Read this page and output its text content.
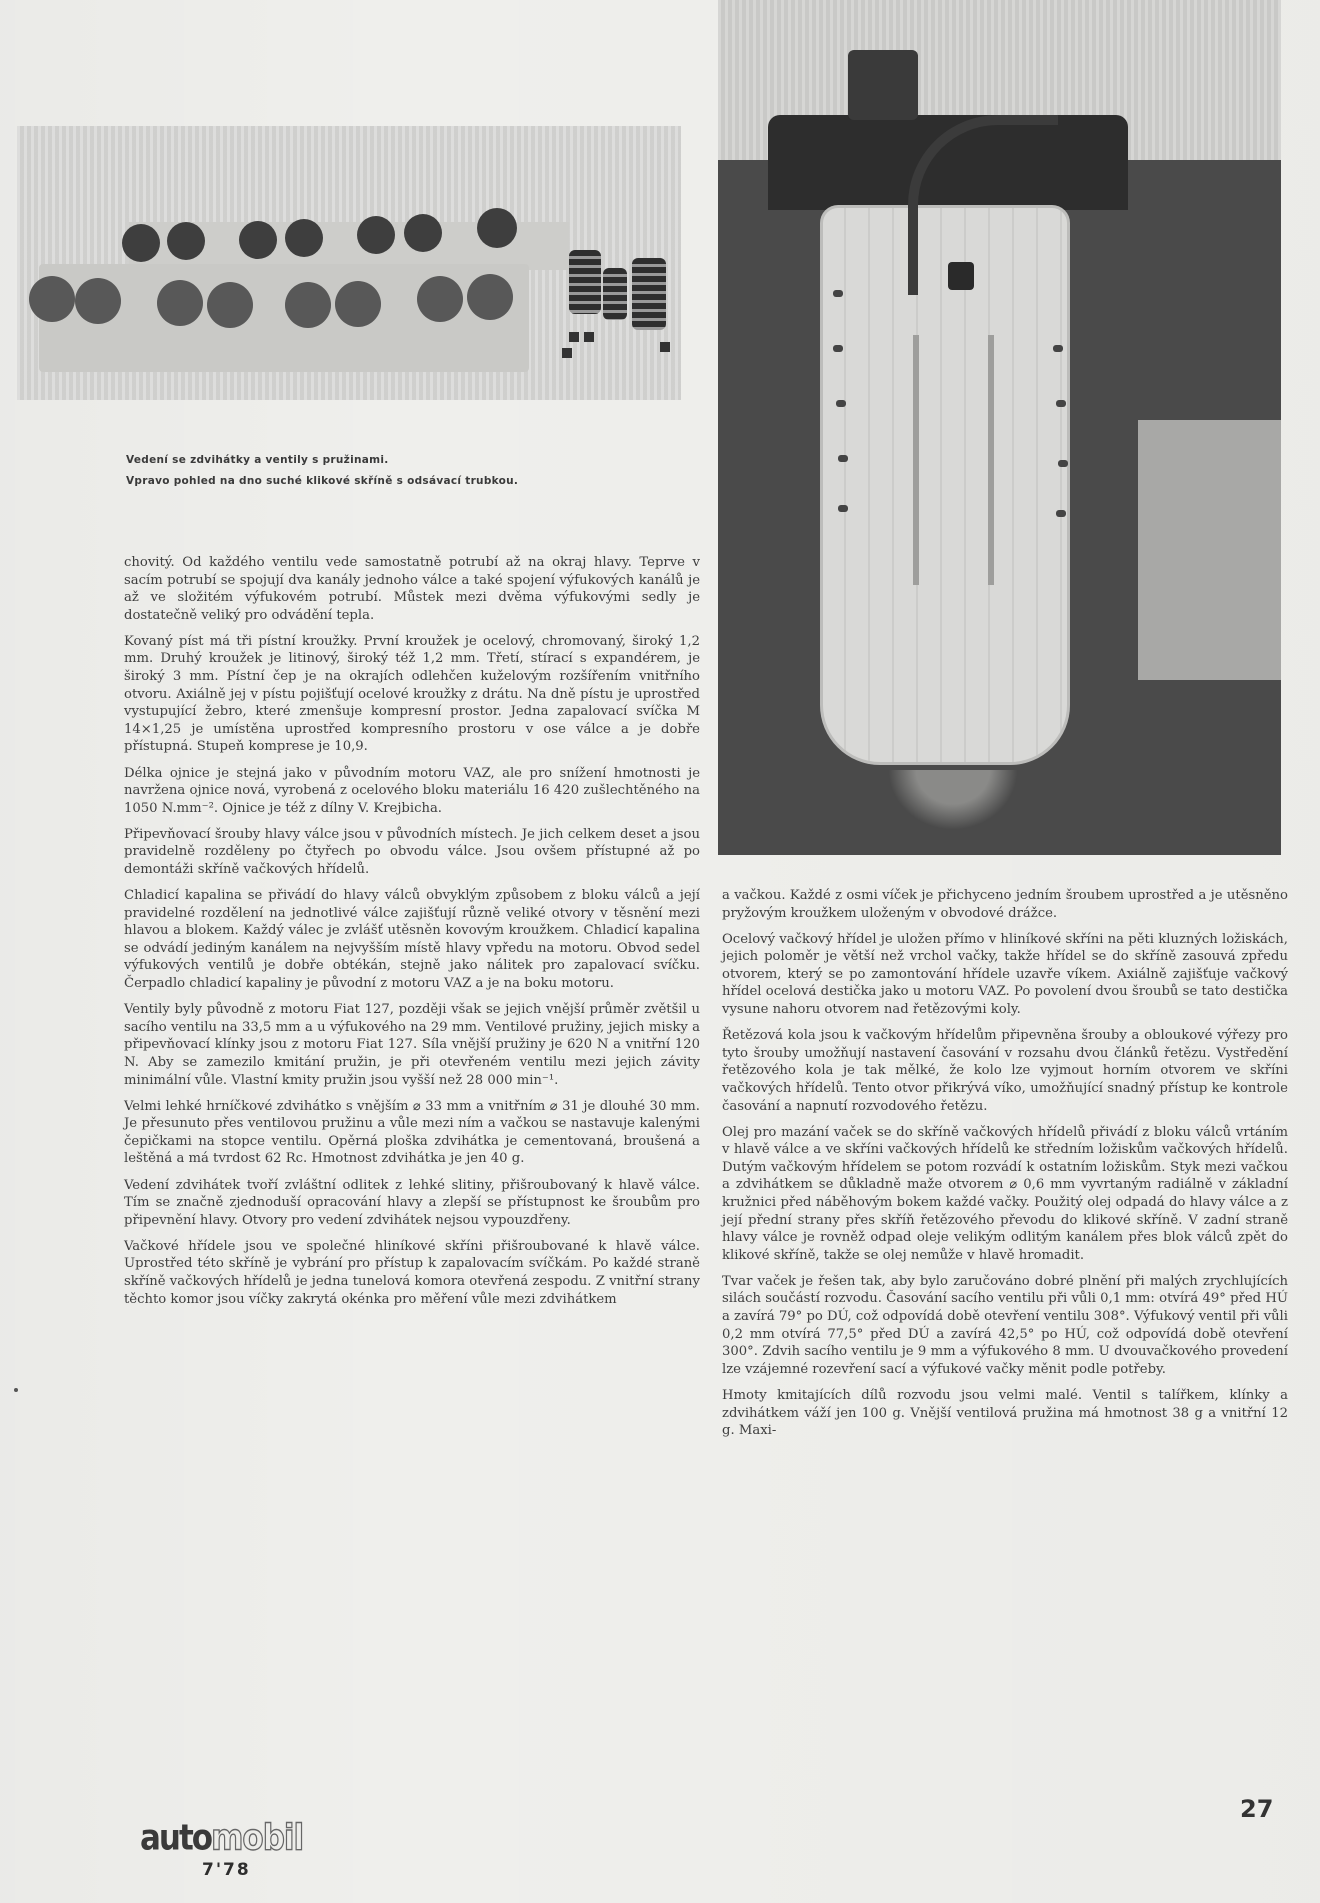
Vedení se zdvihátky a ventily s pružinami.
Vpravo pohled na dno suché klikové skříně s odsávací trubkou.

chovitý. Od každého ventilu vede samostatně potrubí až na okraj hlavy. Teprve v sacím potrubí se spojují dva kanály jednoho válce a také spojení výfukových kanálů je až ve složitém výfukovém potrubí. Můstek mezi dvěma výfukovými sedly je dostatečně veliký pro odvádění tepla.

Kovaný píst má tři pístní kroužky. První kroužek je ocelový, chromovaný, široký 1,2 mm. Druhý kroužek je litinový, široký též 1,2 mm. Třetí, stírací s expandérem, je široký 3 mm. Pístní čep je na okrajích odlehčen kuželovým rozšířením vnitřního otvoru. Axiálně jej v pístu pojišťují ocelové kroužky z drátu. Na dně pístu je uprostřed vystupující žebro, které zmenšuje kompresní prostor. Jedna zapalovací svíčka M 14×1,25 je umístěna uprostřed kompresního prostoru v ose válce a je dobře přístupná. Stupeň komprese je 10,9.

Délka ojnice je stejná jako v původním motoru VAZ, ale pro snížení hmotnosti je navržena ojnice nová, vyrobená z ocelového bloku materiálu 16 420 zušlechtěného na 1050 N.mm⁻². Ojnice je též z dílny V. Krejbicha.

Připevňovací šrouby hlavy válce jsou v původních místech. Je jich celkem deset a jsou pravidelně rozděleny po čtyřech po obvodu válce. Jsou ovšem přístupné až po demontáži skříně vačkových hřídelů.

Chladicí kapalina se přivádí do hlavy válců obvyklým způsobem z bloku válců a její pravidelné rozdělení na jednotlivé válce zajišťují různě veliké otvory v těsnění mezi hlavou a blokem. Každý válec je zvlášť utěsněn kovovým kroužkem. Chladicí kapalina se odvádí jediným kanálem na nejvyšším místě hlavy vpředu na motoru. Obvod sedel výfukových ventilů je dobře obtékán, stejně jako nálitek pro zapalovací svíčku. Čerpadlo chladicí kapaliny je původní z motoru VAZ a je na boku motoru.

Ventily byly původně z motoru Fiat 127, později však se jejich vnější průměr zvětšil u sacího ventilu na 33,5 mm a u výfukového na 29 mm. Ventilové pružiny, jejich misky a připevňovací klínky jsou z motoru Fiat 127. Síla vnější pružiny je 620 N a vnitřní 120 N. Aby se zamezilo kmitání pružin, je při otevřeném ventilu mezi jejich závity minimální vůle. Vlastní kmity pružin jsou vyšší než 28 000 min⁻¹.

Velmi lehké hrníčkové zdvihátko s vnějším ⌀ 33 mm a vnitřním ⌀ 31 je dlouhé 30 mm. Je přesunuto přes ventilovou pružinu a vůle mezi ním a vačkou se nastavuje kalenými čepičkami na stopce ventilu. Opěrná ploška zdvihátka je cementovaná, broušená a leštěná a má tvrdost 62 Rc. Hmotnost zdvihátka je jen 40 g.

Vedení zdvihátek tvoří zvláštní odlitek z lehké slitiny, přišroubovaný k hlavě válce. Tím se značně zjednoduší opracování hlavy a zlepší se přístupnost ke šroubům pro připevnění hlavy. Otvory pro vedení zdvihátek nejsou vypouzdřeny.

Vačkové hřídele jsou ve společné hliníkové skříni přišroubované k hlavě válce. Uprostřed této skříně je vybrání pro přístup k zapalovacím svíčkám. Po každé straně skříně vačkových hřídelů je jedna tunelová komora otevřená zespodu. Z vnitřní strany těchto komor jsou víčky zakrytá okénka pro měření vůle mezi zdvihátkem

a vačkou. Každé z osmi víček je přichyceno jedním šroubem uprostřed a je utěsněno pryžovým kroužkem uloženým v obvodové drážce.

Ocelový vačkový hřídel je uložen přímo v hliníkové skříni na pěti kluzných ložiskách, jejich poloměr je větší než vrchol vačky, takže hřídel se do skříně zasouvá zpředu otvorem, který se po zamontování hřídele uzavře víkem. Axiálně zajišťuje vačkový hřídel ocelová destička jako u motoru VAZ. Po povolení dvou šroubů se tato destička vysune nahoru otvorem nad řetězovými koly.

Řetězová kola jsou k vačkovým hřídelům připevněna šrouby a obloukové výřezy pro tyto šrouby umožňují nastavení časování v rozsahu dvou článků řetězu. Vystředění řetězového kola je tak mělké, že kolo lze vyjmout horním otvorem ve skříni vačkových hřídelů. Tento otvor přikrývá víko, umožňující snadný přístup ke kontrole časování a napnutí rozvodového řetězu.

Olej pro mazání vaček se do skříně vačkových hřídelů přivádí z bloku válců vrtáním v hlavě válce a ve skříni vačkových hřídelů ke středním ložiskům vačkových hřídelů. Dutým vačkovým hřídelem se potom rozvádí k ostatním ložiskům. Styk mezi vačkou a zdvihátkem se důkladně maže otvorem ⌀ 0,6 mm vyvrtaným radiálně v základní kružnici před náběhovým bokem každé vačky. Použitý olej odpadá do hlavy válce a z její přední strany přes skříň řetězového převodu do klikové skříně. V zadní straně hlavy válce je rovněž odpad oleje velikým odlitým kanálem přes blok válců zpět do klikové skříně, takže se olej nemůže v hlavě hromadit.

Tvar vaček je řešen tak, aby bylo zaručováno dobré plnění při malých zrychlujících silách součástí rozvodu. Časování sacího ventilu při vůli 0,1 mm: otvírá 49° před HÚ a zavírá 79° po DÚ, což odpovídá době otevření ventilu 308°. Výfukový ventil při vůli 0,2 mm otvírá 77,5° před DÚ a zavírá 42,5° po HÚ, což odpovídá době otevření 300°. Zdvih sacího ventilu je 9 mm a výfukového 8 mm. U dvouvačkového provedení lze vzájemné rozevření sací a výfukové vačky měnit podle potřeby.

Hmoty kmitajících dílů rozvodu jsou velmi malé. Ventil s talířkem, klínky a zdvihátkem váží jen 100 g. Vnější ventilová pružina má hmotnost 38 g a vnitřní 12 g. Maxi-

automobil
7'78
27
